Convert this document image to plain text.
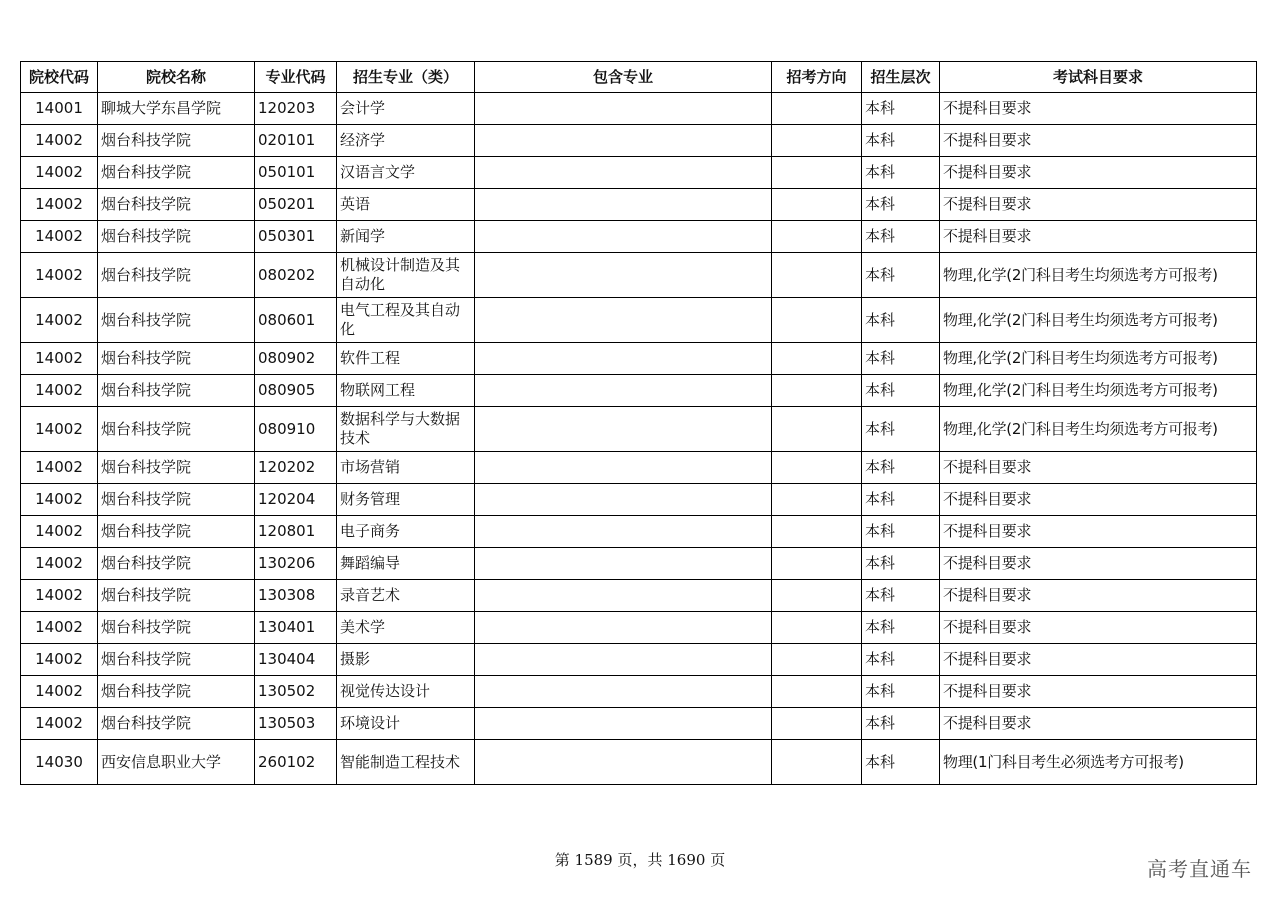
院校代码	院校名称	专业代码	招生专业（类）	包含专业	招考方向	招生层次	考试科目要求
14001	聊城大学东昌学院	120203	会计学			本科	不提科目要求
14002	烟台科技学院	020101	经济学			本科	不提科目要求
14002	烟台科技学院	050101	汉语言文学			本科	不提科目要求
14002	烟台科技学院	050201	英语			本科	不提科目要求
14002	烟台科技学院	050301	新闻学			本科	不提科目要求
14002	烟台科技学院	080202	机械设计制造及其自动化			本科	物理,化学(2门科目考生均须选考方可报考)
14002	烟台科技学院	080601	电气工程及其自动化			本科	物理,化学(2门科目考生均须选考方可报考)
14002	烟台科技学院	080902	软件工程			本科	物理,化学(2门科目考生均须选考方可报考)
14002	烟台科技学院	080905	物联网工程			本科	物理,化学(2门科目考生均须选考方可报考)
14002	烟台科技学院	080910	数据科学与大数据技术			本科	物理,化学(2门科目考生均须选考方可报考)
14002	烟台科技学院	120202	市场营销			本科	不提科目要求
14002	烟台科技学院	120204	财务管理			本科	不提科目要求
14002	烟台科技学院	120801	电子商务			本科	不提科目要求
14002	烟台科技学院	130206	舞蹈编导			本科	不提科目要求
14002	烟台科技学院	130308	录音艺术			本科	不提科目要求
14002	烟台科技学院	130401	美术学			本科	不提科目要求
14002	烟台科技学院	130404	摄影			本科	不提科目要求
14002	烟台科技学院	130502	视觉传达设计			本科	不提科目要求
14002	烟台科技学院	130503	环境设计			本科	不提科目要求
14030	西安信息职业大学	260102	智能制造工程技术			本科	物理(1门科目考生必须选考方可报考)
第 1589 页，共 1690 页	高考直通车
